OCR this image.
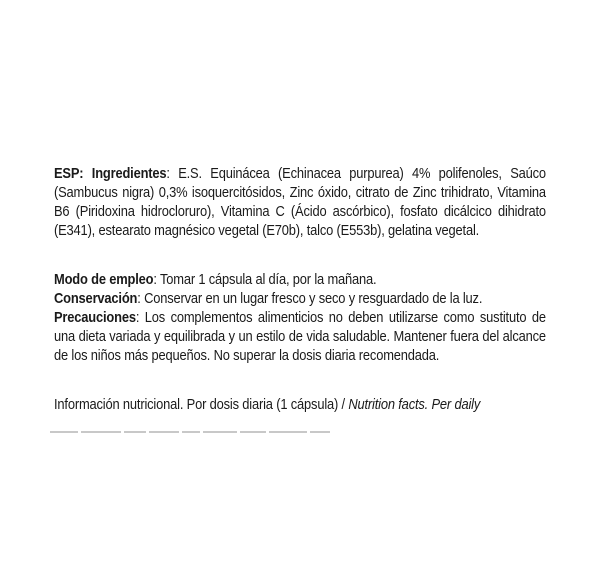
ESP: Ingredientes: E.S. Equinácea (Echinacea purpurea) 4% polifenoles, Saúco (Sambucus nigra) 0,3% isoquercitósidos, Zinc óxido, citrato de Zinc trihidrato, Vitamina B6 (Piridoxina hidrocloruro), Vitamina C (Ácido ascórbico), fosfato dicálcico dihidrato (E341), estearato magnésico vegetal (E70b), talco (E553b), gelatina vegetal.

Modo de empleo: Tomar 1 cápsula al día, por la mañana.

Conservación: Conservar en un lugar fresco y seco y resguardado de la luz.

Precauciones: Los complementos alimenticios no deben utilizarse como sustituto de una dieta variada y equilibrada y un estilo de vida saludable. Mantener fuera del alcance de los niños más pequeños. No superar la dosis diaria recomendada.

Información nutricional. Por dosis diaria (1 cápsula) / Nutrition facts. Per daily
